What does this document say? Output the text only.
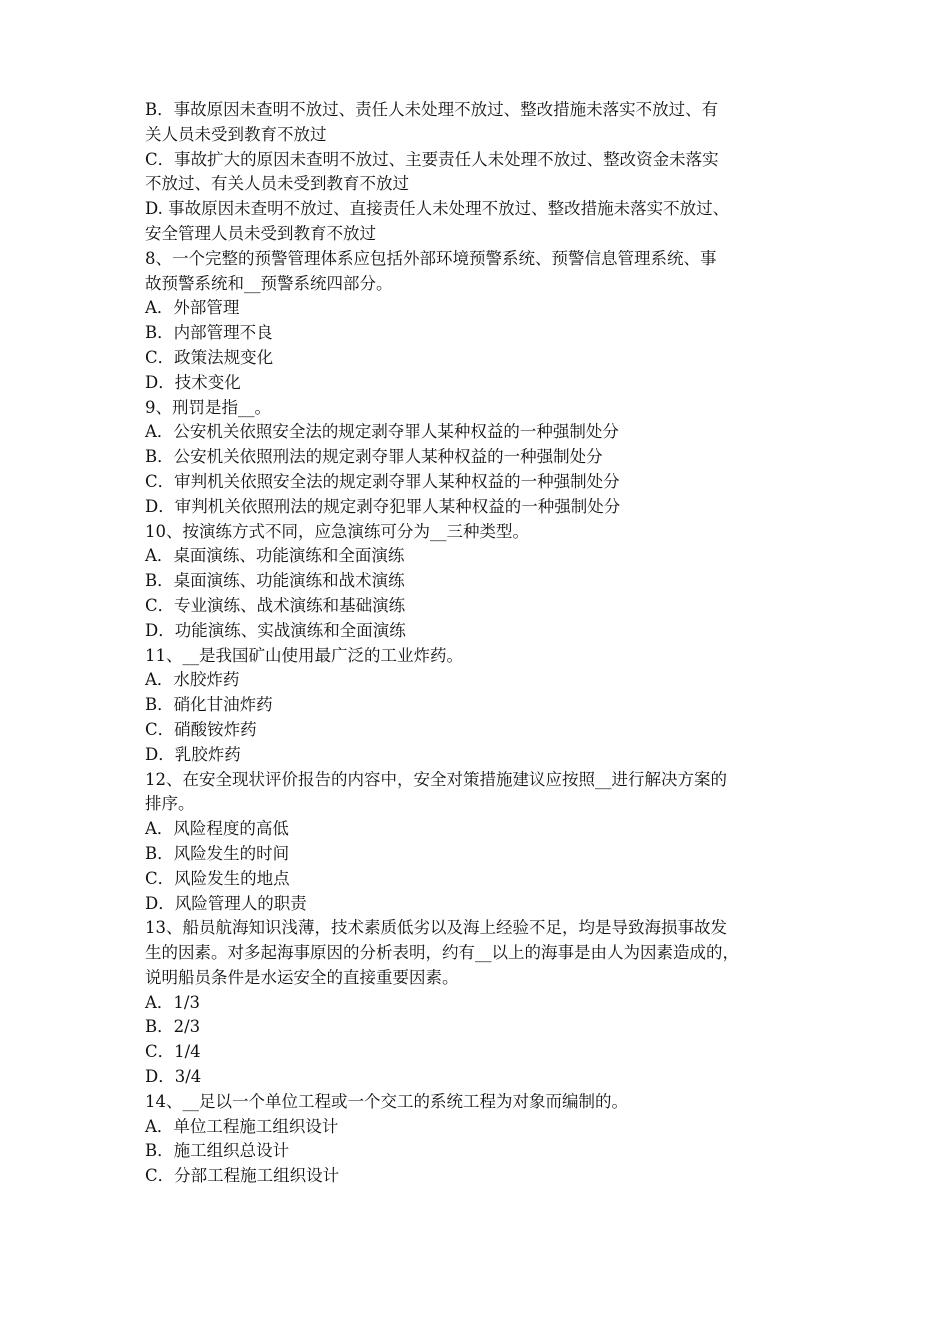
B．事故原因未查明不放过、责任人未处理不放过、整改措施未落实不放过、有
关人员未受到教育不放过
C．事故扩大的原因未查明不放过、主要责任人未处理不放过、整改资金未落实
不放过、有关人员未受到教育不放过
D. 事故原因未查明不放过、直接责任人未处理不放过、整改措施未落实不放过、
安全管理人员未受到教育不放过
8、一个完整的预警管理体系应包括外部环境预警系统、预警信息管理系统、事
故预警系统和__预警系统四部分。
A．外部管理
B．内部管理不良
C．政策法规变化
D．技术变化
9、刑罚是指__。
A．公安机关依照安全法的规定剥夺罪人某种权益的一种强制处分
B．公安机关依照刑法的规定剥夺罪人某种权益的一种强制处分
C．审判机关依照安全法的规定剥夺罪人某种权益的一种强制处分
D．审判机关依照刑法的规定剥夺犯罪人某种权益的一种强制处分
10、按演练方式不同，应急演练可分为__三种类型。
A．桌面演练、功能演练和全面演练
B．桌面演练、功能演练和战术演练
C．专业演练、战术演练和基础演练
D．功能演练、实战演练和全面演练
11、__是我国矿山使用最广泛的工业炸药。
A．水胶炸药
B．硝化甘油炸药
C．硝酸铵炸药
D．乳胶炸药
12、在安全现状评价报告的内容中，安全对策措施建议应按照__进行解决方案的
排序。
A．风险程度的高低
B．风险发生的时间
C．风险发生的地点
D．风险管理人的职责
13、船员航海知识浅薄，技术素质低劣以及海上经验不足，均是导致海损事故发
生的因素。对多起海事原因的分析表明，约有__以上的海事是由人为因素造成的，
说明船员条件是水运安全的直接重要因素。
A．1/3
B．2/3
C．1/4
D．3/4
14、__足以一个单位工程或一个交工的系统工程为对象而编制的。
A．单位工程施工组织设计
B．施工组织总设计
C．分部工程施工组织设计
